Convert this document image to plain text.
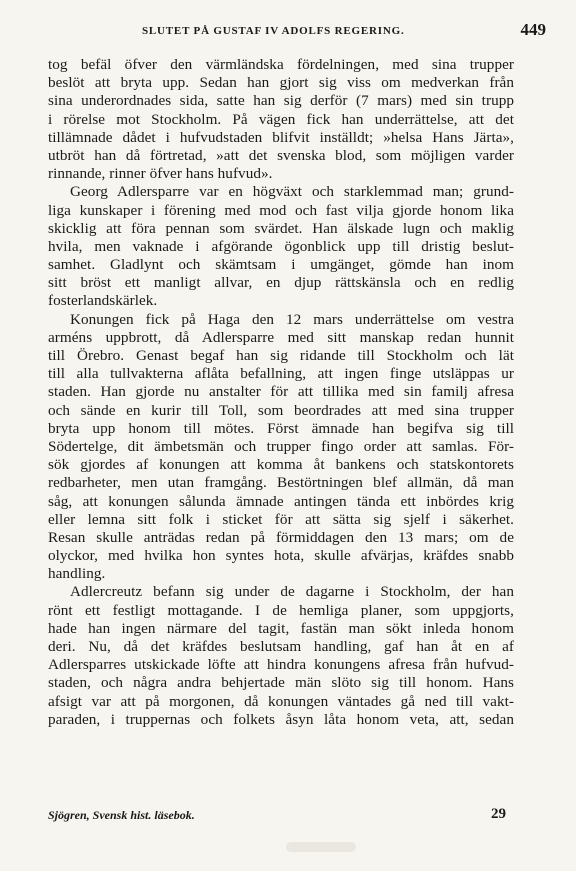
SLUTET PÅ GUSTAF IV ADOLFS REGERING.	449
tog befäl öfver den värmländska fördelningen, med sina trupper
beslöt att bryta upp. Sedan han gjort sig viss om medverkan från
sina underordnades sida, satte han sig derför (7 mars) med sin trupp
i rörelse mot Stockholm. På vägen fick han underrättelse, att det
tillämnade dådet i hufvudstaden blifvit inställdt; »helsa Hans Järta»,
utbröt han då förtretad, »att det svenska blod, som möjligen varder
rinnande, rinner öfver hans hufvud».
Georg Adlersparre var en högväxt och starklemmad man; grund-
liga kunskaper i förening med mod och fast vilja gjorde honom lika
skicklig att föra pennan som svärdet. Han älskade lugn och maklig
hvila, men vaknade i afgörande ögonblick upp till dristig beslut-
samhet. Gladlynt och skämtsam i umgänget, gömde han inom
sitt bröst ett manligt allvar, en djup rättskänsla och en redlig
fosterlandskärlek.
Konungen fick på Haga den 12 mars underrättelse om vestra
arméns uppbrott, då Adlersparre med sitt manskap redan hunnit
till Örebro. Genast begaf han sig ridande till Stockholm och lät
till alla tullvakterna aflåta befallning, att ingen finge utsläppas ur
staden. Han gjorde nu anstalter för att tillika med sin familj afresa
och sände en kurir till Toll, som beordrades att med sina trupper
bryta upp honom till mötes. Först ämnade han begifva sig till
Södertelge, dit ämbetsmän och trupper fingo order att samlas. För-
sök gjordes af konungen att komma åt bankens och statskontorets
redbarheter, men utan framgång. Bestörtningen blef allmän, då man
såg, att konungen sålunda ämnade antingen tända ett inbördes krig
eller lemna sitt folk i sticket för att sätta sig sjelf i säkerhet.
Resan skulle anträdas redan på förmiddagen den 13 mars; om de
olyckor, med hvilka hon syntes hota, skulle afvärjas, kräfdes snabb
handling.
Adlercreutz befann sig under de dagarne i Stockholm, der han
rönt ett festligt mottagande. I de hemliga planer, som uppgjorts,
hade han ingen närmare del tagit, fastän man sökt inleda honom
deri. Nu, då det kräfdes beslutsam handling, gaf han åt en af
Adlersparres utskickade löfte att hindra konungens afresa från hufvud-
staden, och några andra behjertade män slöto sig till honom. Hans
afsigt var att på morgonen, då konungen väntades gå ned till vakt-
paraden, i truppernas och folkets åsyn låta honom veta, att, sedan
Sjögren, Svensk hist. läsebok.	29
